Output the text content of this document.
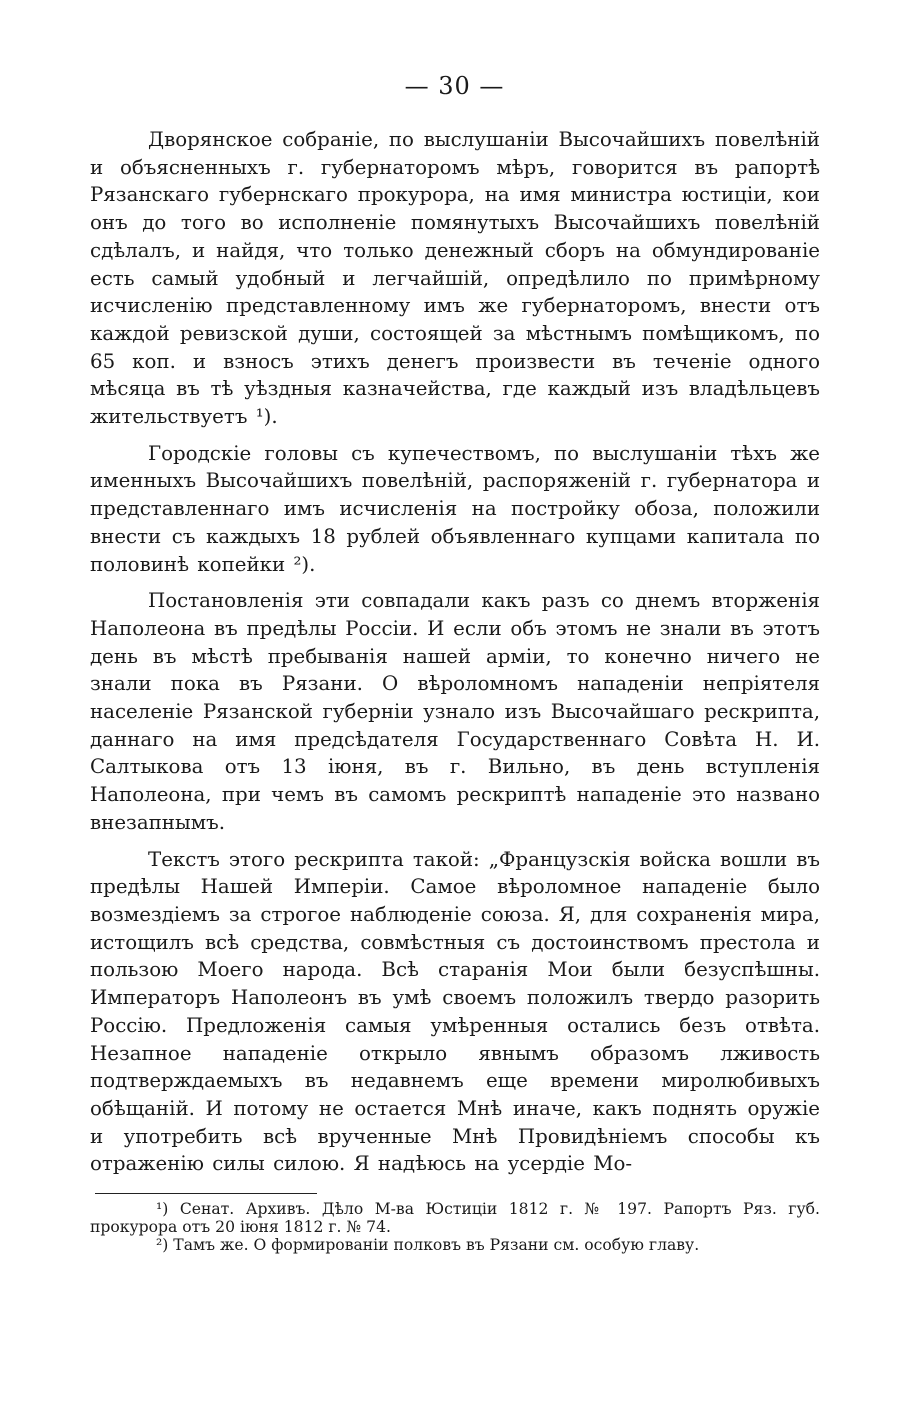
— 30 —

Дворянское собраніе, по выслушаніи Высочайшихъ повелѣній и объясненныхъ г. губернаторомъ мѣръ, говорится въ рапортѣ Рязанскаго губернскаго прокурора, на имя министра юстиціи, кои онъ до того во исполненіе помянутыхъ Высочайшихъ повелѣній сдѣлалъ, и найдя, что только денежный сборъ на обмундированіе есть самый удобный и легчайшій, опредѣлило по примѣрному исчисленію представленному имъ же губернаторомъ, внести отъ каждой ревизской души, состоящей за мѣстнымъ помѣщикомъ, по 65 коп. и взносъ этихъ денегъ произвести въ теченіе одного мѣсяца въ тѣ уѣздныя казначейства, где каждый изъ владѣльцевъ жительствуетъ ¹).

Городскіе головы съ купечествомъ, по выслушаніи тѣхъ же именныхъ Высочайшихъ повелѣній, распоряженій г. губернатора и представленнаго имъ исчисленія на постройку обоза, положили внести съ каждыхъ 18 рублей объявленнаго купцами капитала по половинѣ копейки ²).

Постановленія эти совпадали какъ разъ со днемъ вторженія Наполеона въ предѣлы Россіи. И если объ этомъ не знали въ этотъ день въ мѣстѣ пребыванія нашей арміи, то конечно ничего не знали пока въ Рязани. О вѣроломномъ нападеніи непріятеля населеніе Рязанской губерніи узнало изъ Высочайшаго рескрипта, даннаго на имя предсѣдателя Государственнаго Совѣта Н. И. Салтыкова отъ 13 іюня, въ г. Вильно, въ день вступленія Наполеона, при чемъ въ самомъ рескриптѣ нападеніе это названо внезапнымъ.

Текстъ этого рескрипта такой: „Французскія войска вошли въ предѣлы Нашей Имперіи. Самое вѣроломное нападеніе было возмездіемъ за строгое наблюденіе союза. Я, для сохраненія мира, истощилъ всѣ средства, совмѣстныя съ достоинствомъ престола и пользою Моего народа. Всѣ старанія Мои были безуспѣшны. Императоръ Наполеонъ въ умѣ своемъ положилъ твердо разорить Россію. Предложенія самыя умѣренныя остались безъ отвѣта. Незапное нападеніе открыло явнымъ образомъ лживость подтверждаемыхъ въ недавнемъ еще времени миролюбивыхъ обѣщаній. И потому не остается Мнѣ иначе, какъ поднять оружіе и употребить всѣ врученные Мнѣ Провидѣніемъ способы къ отраженію силы силою. Я надѣюсь на усердіе Мо-

¹) Сенат. Архивъ. Дѣло М-ва Юстиціи 1812 г. № 197. Рапортъ Ряз. губ. прокурора отъ 20 іюня 1812 г. № 74.

²) Тамъ же. О формированіи полковъ въ Рязани см. особую главу.
